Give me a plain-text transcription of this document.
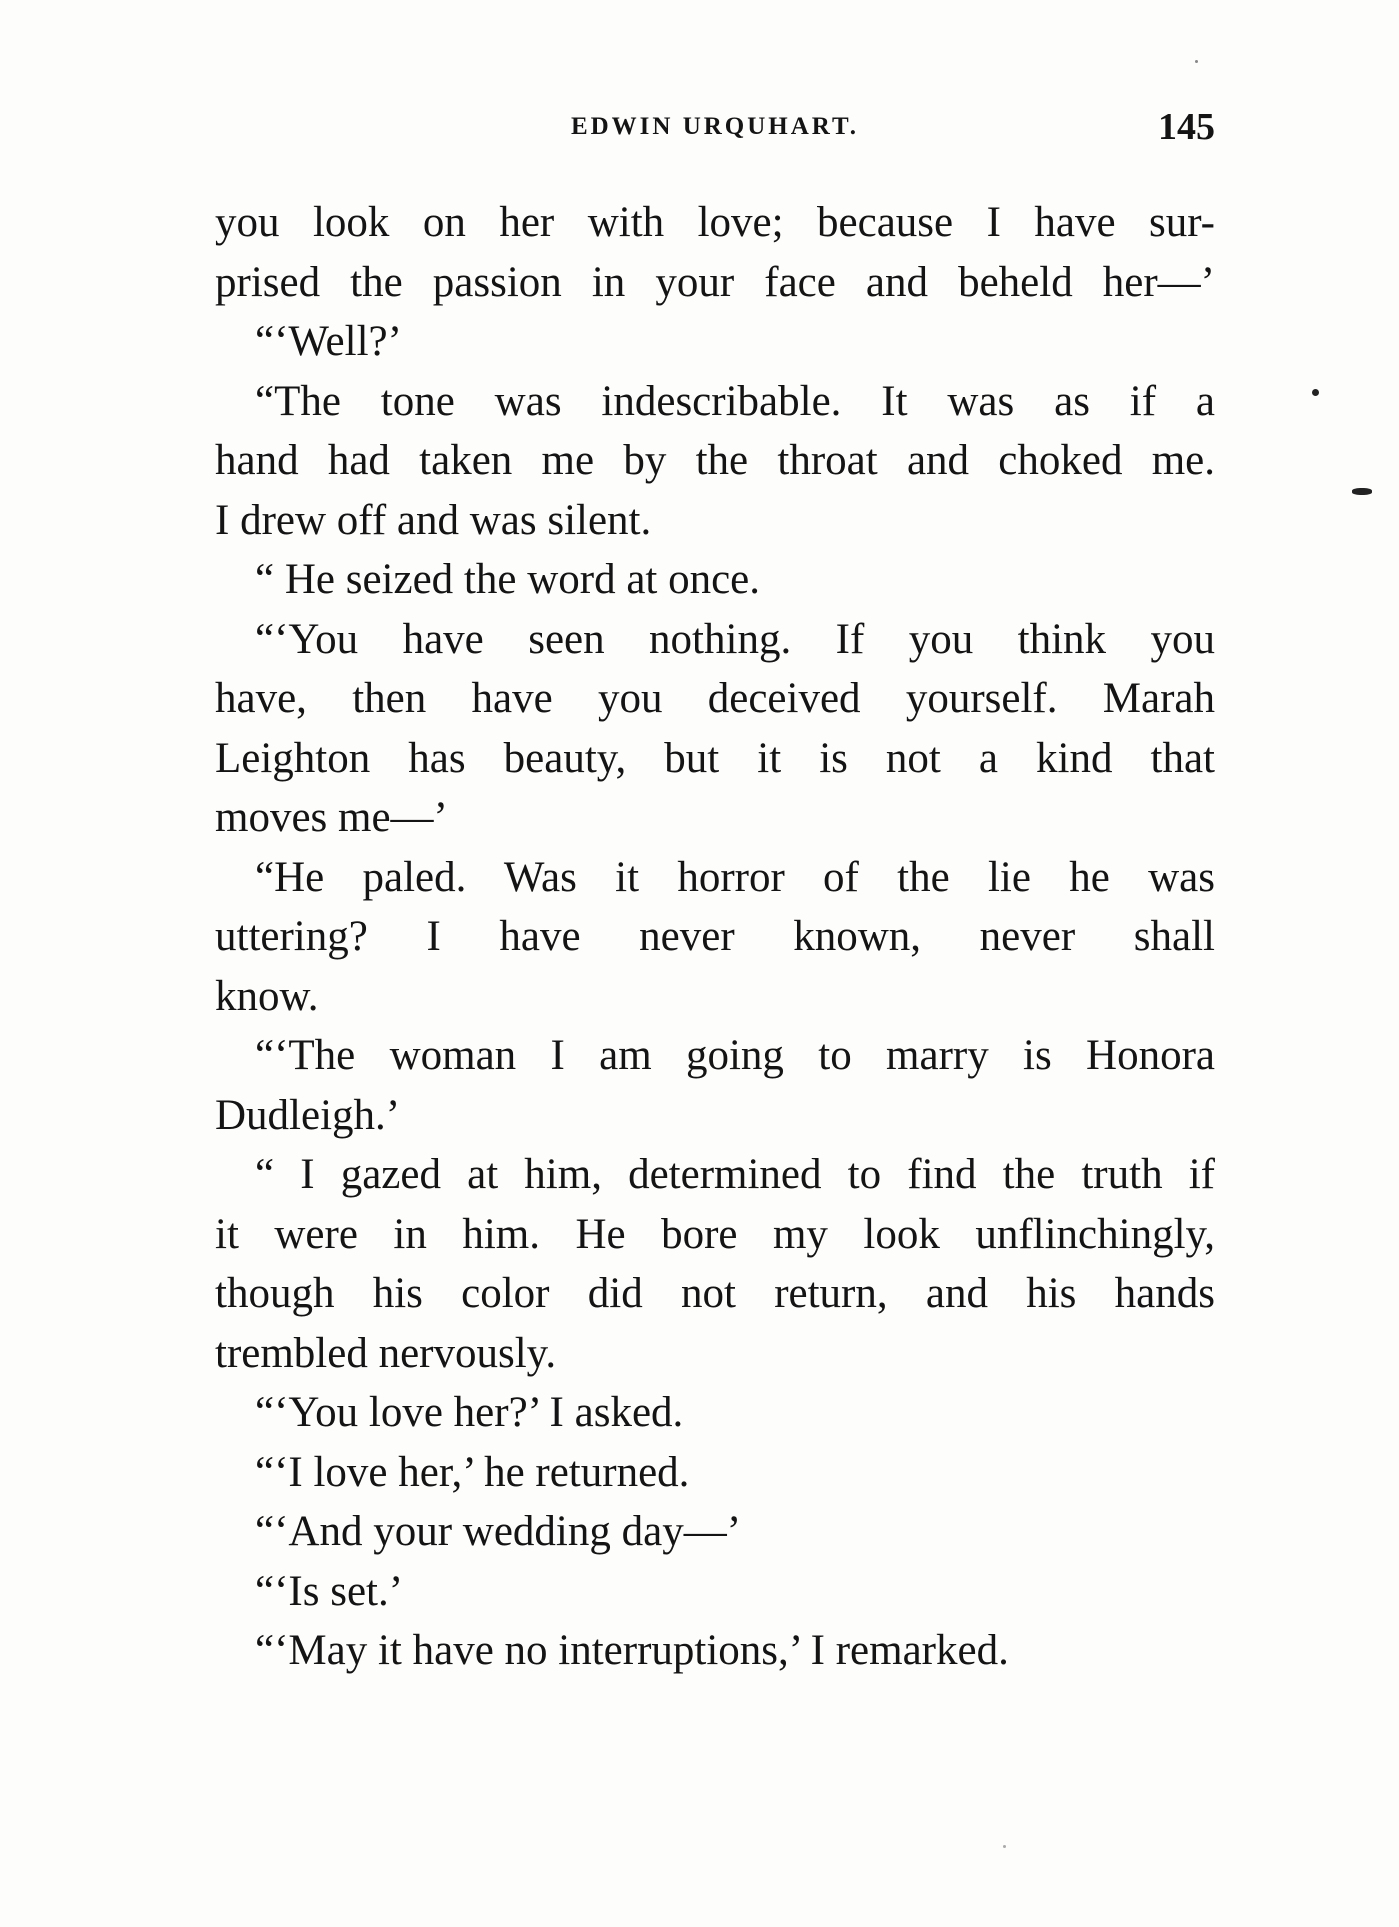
EDWIN URQUHART.	145
you look on her with love; because I have sur-
prised the passion in your face and beheld her—’
“‘Well?’
“The tone was indescribable. It was as if a
hand had taken me by the throat and choked me.
I drew off and was silent.
“ He seized the word at once.
“‘You have seen nothing. If you think you
have, then have you deceived yourself. Marah
Leighton has beauty, but it is not a kind that
moves me—’
“He paled. Was it horror of the lie he was
uttering? I have never known, never shall
know.
“‘The woman I am going to marry is Honora
Dudleigh.’
“ I gazed at him, determined to find the truth if
it were in him. He bore my look unflinchingly,
though his color did not return, and his hands
trembled nervously.
“‘You love her?’ I asked.
“‘I love her,’ he returned.
“‘And your wedding day—’
“‘Is set.’
“‘May it have no interruptions,’ I remarked.
